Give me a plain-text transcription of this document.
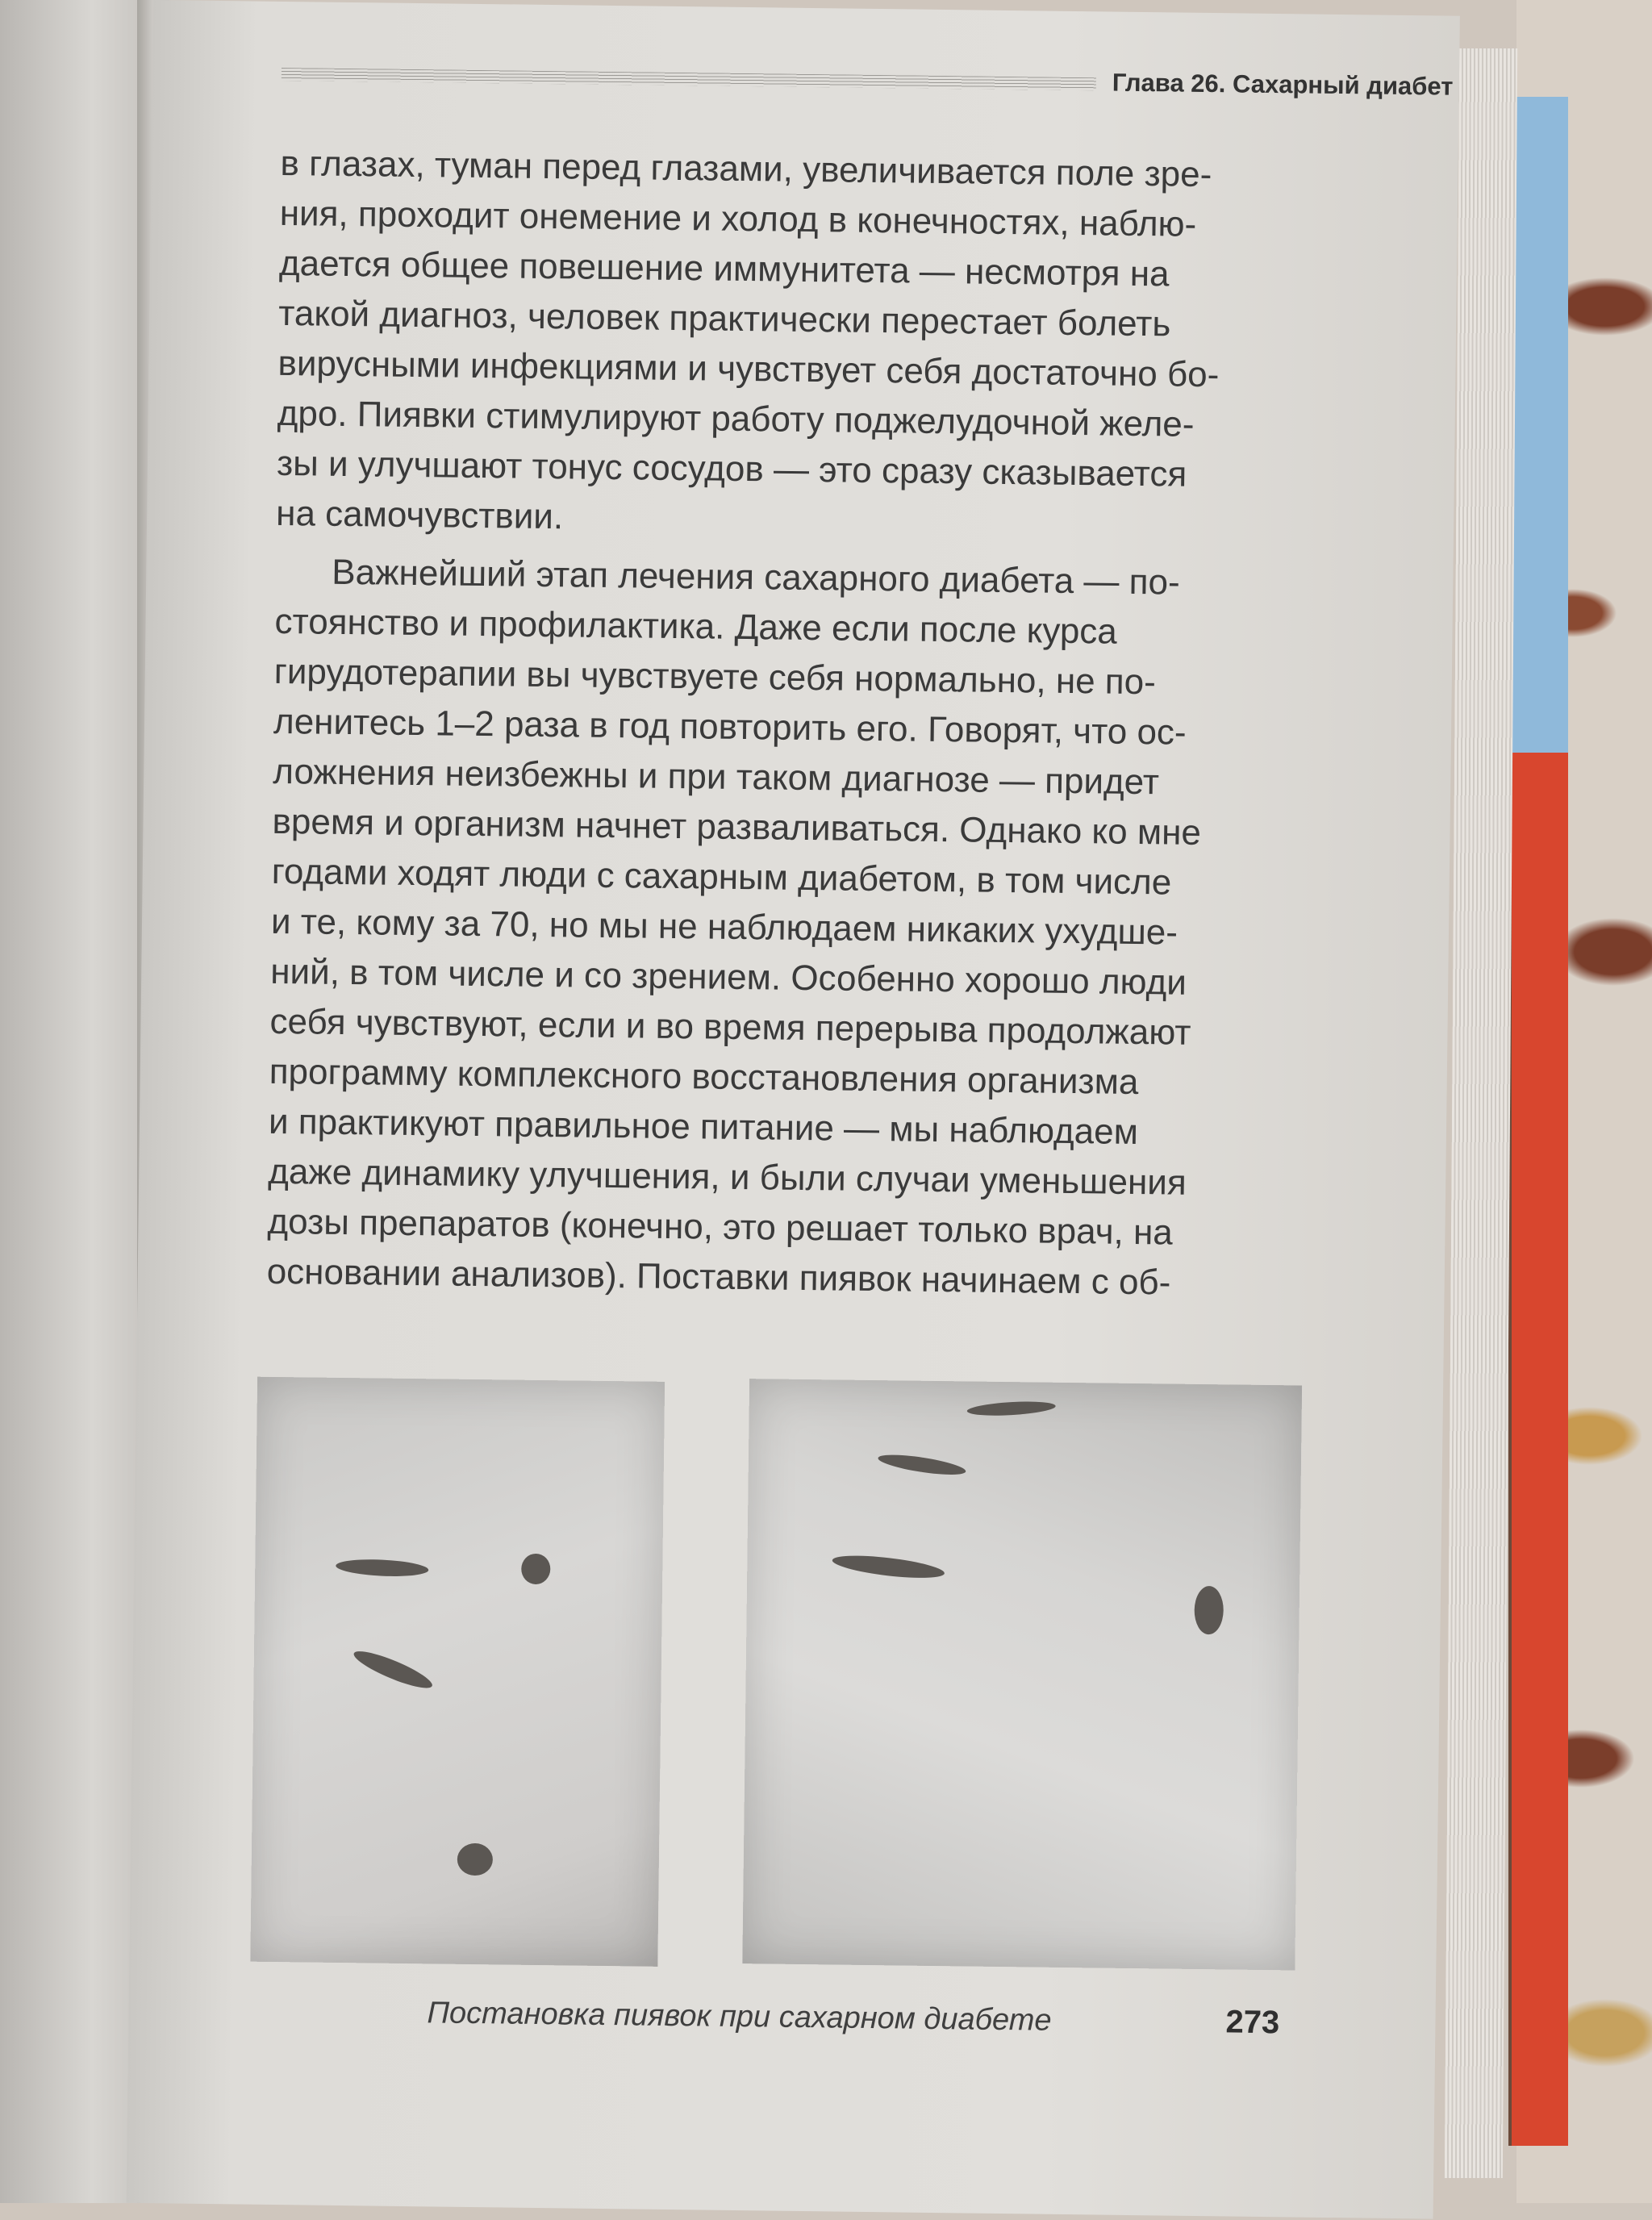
Глава 26. Сахарный диабет

в глазах, туман перед глазами, увеличивается поле зре-
ния, проходит онемение и холод в конечностях, наблю-
дается общее повешение иммунитета — несмотря на
такой диагноз, человек практически перестает болеть
вирусными инфекциями и чувствует себя достаточно бо-
дро. Пиявки стимулируют работу поджелудочной желе-
зы и улучшают тонус сосудов — это сразу сказывается
на самочувствии.

Важнейший этап лечения сахарного диабета — по-
стоянство и профилактика. Даже если после курса
гирудотерапии вы чувствуете себя нормально, не по-
ленитесь 1–2 раза в год повторить его. Говорят, что ос-
ложнения неизбежны и при таком диагнозе — придет
время и организм начнет разваливаться. Однако ко мне
годами ходят люди с сахарным диабетом, в том числе
и те, кому за 70, но мы не наблюдаем никаких ухудше-
ний, в том числе и со зрением. Особенно хорошо люди
себя чувствуют, если и во время перерыва продолжают
программу комплексного восстановления организма
и практикуют правильное питание — мы наблюдаем
даже динамику улучшения, и были случаи уменьшения
дозы препаратов (конечно, это решает только врач, на
основании анализов). Поставки пиявок начинаем с об-

Постановка пиявок при сахарном диабете	273
